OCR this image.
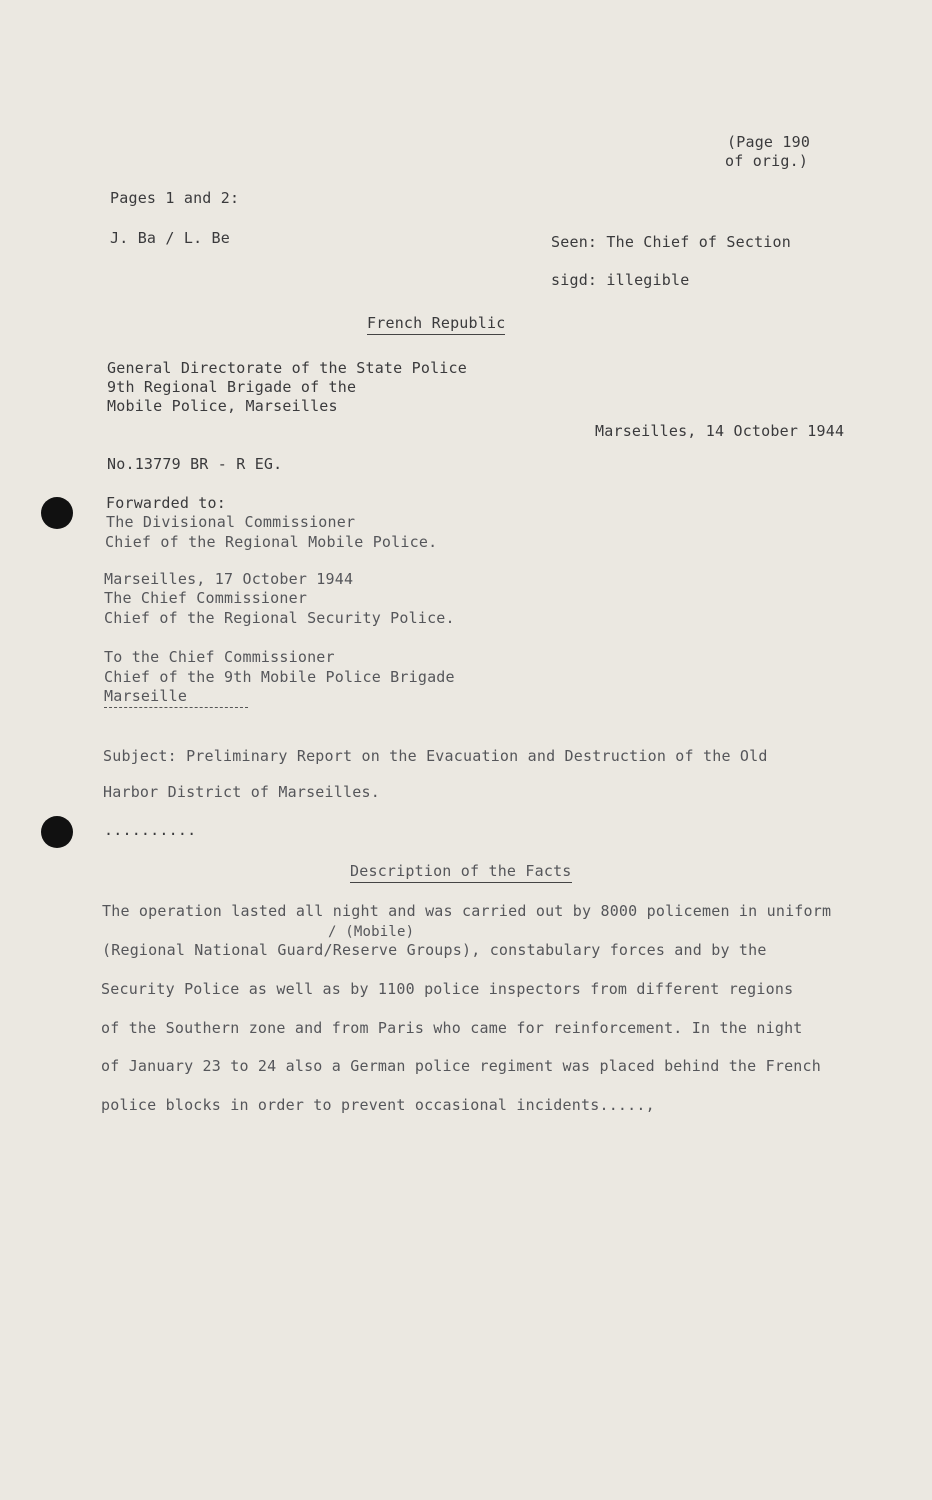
(Page 190
of orig.)
Pages 1 and 2:
J. Ba / L. Be	Seen: The Chief of Section
sigd: illegible
French Republic
General Directorate of the State Police
9th Regional Brigade of the
Mobile Police, Marseilles
Marseilles, 14 October 1944
No.13779 BR - R EG.
Forwarded to:
The Divisional Commissioner
Chief of the Regional Mobile Police.
Marseilles, 17 October 1944
The Chief Commissioner
Chief of the Regional Security Police.
To the Chief Commissioner
Chief of the 9th Mobile Police Brigade
Marseille
Subject: Preliminary Report on the Evacuation and Destruction of the Old
Harbor District of Marseilles.
..........
Description of the Facts
The operation lasted all night and was carried out by 8000 policemen in uniform
/ (Mobile)
(Regional National Guard/Reserve Groups), constabulary forces and by the
Security Police as well as by 1100 police inspectors from different regions
of the Southern zone and from Paris who came for reinforcement. In the night
of January 23 to 24 also a German police regiment was placed behind the French
police blocks in order to prevent occasional incidents.....,
